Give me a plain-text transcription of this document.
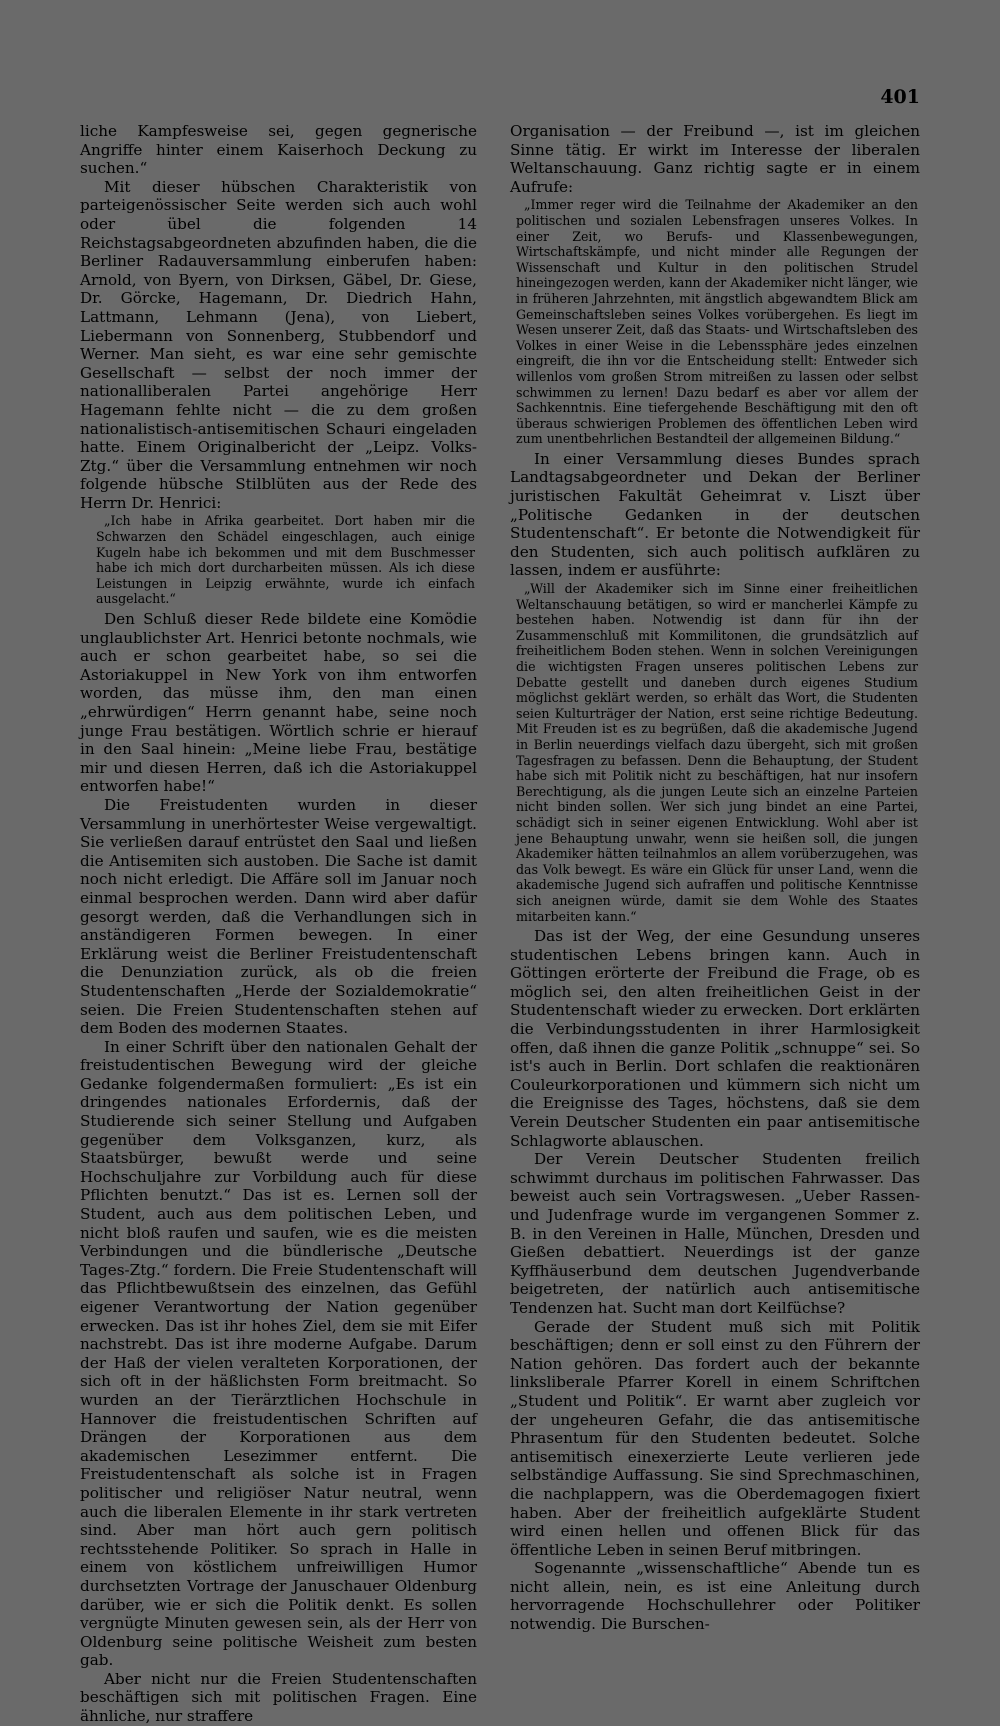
401

liche Kampfesweise sei, gegen gegnerische Angriffe hinter einem Kaiserhoch Deckung zu suchen.“

Mit dieser hübschen Charakteristik von parteigenössischer Seite werden sich auch wohl oder übel die folgenden 14 Reichstagsabgeordneten abzufinden haben, die die Berliner Radauversammlung einberufen haben: Arnold, von Byern, von Dirksen, Gäbel, Dr. Giese, Dr. Görcke, Hagemann, Dr. Diedrich Hahn, Lattmann, Lehmann (Jena), von Liebert, Liebermann von Sonnenberg, Stubbendorf und Werner. Man sieht, es war eine sehr gemischte Gesellschaft — selbst der noch immer der nationalliberalen Partei angehörige Herr Hagemann fehlte nicht — die zu dem großen nationalistisch-antisemitischen Schauri eingeladen hatte. Einem Originalbericht der „Leipz. Volks-Ztg.“ über die Versammlung entnehmen wir noch folgende hübsche Stilblüten aus der Rede des Herrn Dr. Henrici:

„Ich habe in Afrika gearbeitet. Dort haben mir die Schwarzen den Schädel eingeschlagen, auch einige Kugeln habe ich bekommen und mit dem Buschmesser habe ich mich dort durcharbeiten müssen. Als ich diese Leistungen in Leipzig erwähnte, wurde ich einfach ausgelacht.“

Den Schluß dieser Rede bildete eine Komödie unglaublichster Art. Henrici betonte nochmals, wie auch er schon gearbeitet habe, so sei die Astoriakuppel in New York von ihm entworfen worden, das müsse ihm, den man einen „ehrwürdigen“ Herrn genannt habe, seine noch junge Frau bestätigen. Wörtlich schrie er hierauf in den Saal hinein: „Meine liebe Frau, bestätige mir und diesen Herren, daß ich die Astoriakuppel entworfen habe!“

Die Freistudenten wurden in dieser Versammlung in unerhörtester Weise vergewaltigt. Sie verließen darauf entrüstet den Saal und ließen die Antisemiten sich austoben. Die Sache ist damit noch nicht erledigt. Die Affäre soll im Januar noch einmal besprochen werden. Dann wird aber dafür gesorgt werden, daß die Verhandlungen sich in anständigeren Formen bewegen. In einer Erklärung weist die Berliner Freistudentenschaft die Denunziation zurück, als ob die freien Studentenschaften „Herde der Sozialdemokratie“ seien. Die Freien Studentenschaften stehen auf dem Boden des modernen Staates.

In einer Schrift über den nationalen Gehalt der freistudentischen Bewegung wird der gleiche Gedanke folgendermaßen formuliert: „Es ist ein dringendes nationales Erfordernis, daß der Studierende sich seiner Stellung und Aufgaben gegenüber dem Volksganzen, kurz, als Staatsbürger, bewußt werde und seine Hochschuljahre zur Vorbildung auch für diese Pflichten benutzt.“ Das ist es. Lernen soll der Student, auch aus dem politischen Leben, und nicht bloß raufen und saufen, wie es die meisten Verbindungen und die bündlerische „Deutsche Tages-Ztg.“ fordern. Die Freie Studentenschaft will das Pflichtbewußtsein des einzelnen, das Gefühl eigener Verantwortung der Nation gegenüber erwecken. Das ist ihr hohes Ziel, dem sie mit Eifer nachstrebt. Das ist ihre moderne Aufgabe. Darum der Haß der vielen veralteten Korporationen, der sich oft in der häßlichsten Form breitmacht. So wurden an der Tierärztlichen Hochschule in Hannover die freistudentischen Schriften auf Drängen der Korporationen aus dem akademischen Lesezimmer entfernt. Die Freistudentenschaft als solche ist in Fragen politischer und religiöser Natur neutral, wenn auch die liberalen Elemente in ihr stark vertreten sind. Aber man hört auch gern politisch rechtsstehende Politiker. So sprach in Halle in einem von köstlichem unfreiwilligen Humor durchsetzten Vortrage der Januschauer Oldenburg darüber, wie er sich die Politik denkt. Es sollen vergnügte Minuten gewesen sein, als der Herr von Oldenburg seine politische Weisheit zum besten gab.

Aber nicht nur die Freien Studentenschaften beschäftigen sich mit politischen Fragen. Eine ähnliche, nur straffere

Organisation — der Freibund —, ist im gleichen Sinne tätig. Er wirkt im Interesse der liberalen Weltanschauung. Ganz richtig sagte er in einem Aufrufe:

„Immer reger wird die Teilnahme der Akademiker an den politischen und sozialen Lebensfragen unseres Volkes. In einer Zeit, wo Berufs- und Klassenbewegungen, Wirtschaftskämpfe, und nicht minder alle Regungen der Wissenschaft und Kultur in den politischen Strudel hineingezogen werden, kann der Akademiker nicht länger, wie in früheren Jahrzehnten, mit ängstlich abgewandtem Blick am Gemeinschaftsleben seines Volkes vorübergehen. Es liegt im Wesen unserer Zeit, daß das Staats- und Wirtschaftsleben des Volkes in einer Weise in die Lebenssphäre jedes einzelnen eingreift, die ihn vor die Entscheidung stellt: Entweder sich willenlos vom großen Strom mitreißen zu lassen oder selbst schwimmen zu lernen! Dazu bedarf es aber vor allem der Sachkenntnis. Eine tiefergehende Beschäftigung mit den oft überaus schwierigen Problemen des öffentlichen Leben wird zum unentbehrlichen Bestandteil der allgemeinen Bildung.“

In einer Versammlung dieses Bundes sprach Landtagsabgeordneter und Dekan der Berliner juristischen Fakultät Geheimrat v. Liszt über „Politische Gedanken in der deutschen Studentenschaft“. Er betonte die Notwendigkeit für den Studenten, sich auch politisch aufklären zu lassen, indem er ausführte:

„Will der Akademiker sich im Sinne einer freiheitlichen Weltanschauung betätigen, so wird er mancherlei Kämpfe zu bestehen haben. Notwendig ist dann für ihn der Zusammenschluß mit Kommilitonen, die grundsätzlich auf freiheitlichem Boden stehen. Wenn in solchen Vereinigungen die wichtigsten Fragen unseres politischen Lebens zur Debatte gestellt und daneben durch eigenes Studium möglichst geklärt werden, so erhält das Wort, die Studenten seien Kulturträger der Nation, erst seine richtige Bedeutung. Mit Freuden ist es zu begrüßen, daß die akademische Jugend in Berlin neuerdings vielfach dazu übergeht, sich mit großen Tagesfragen zu befassen. Denn die Behauptung, der Student habe sich mit Politik nicht zu beschäftigen, hat nur insofern Berechtigung, als die jungen Leute sich an einzelne Parteien nicht binden sollen. Wer sich jung bindet an eine Partei, schädigt sich in seiner eigenen Entwicklung. Wohl aber ist jene Behauptung unwahr, wenn sie heißen soll, die jungen Akademiker hätten teilnahmlos an allem vorüberzugehen, was das Volk bewegt. Es wäre ein Glück für unser Land, wenn die akademische Jugend sich aufraffen und politische Kenntnisse sich aneignen würde, damit sie dem Wohle des Staates mitarbeiten kann.“

Das ist der Weg, der eine Gesundung unseres studentischen Lebens bringen kann. Auch in Göttingen erörterte der Freibund die Frage, ob es möglich sei, den alten freiheitlichen Geist in der Studentenschaft wieder zu erwecken. Dort erklärten die Verbindungsstudenten in ihrer Harmlosigkeit offen, daß ihnen die ganze Politik „schnuppe“ sei. So ist's auch in Berlin. Dort schlafen die reaktionären Couleurkorporationen und kümmern sich nicht um die Ereignisse des Tages, höchstens, daß sie dem Verein Deutscher Studenten ein paar antisemitische Schlagworte ablauschen.

Der Verein Deutscher Studenten freilich schwimmt durchaus im politischen Fahrwasser. Das beweist auch sein Vortragswesen. „Ueber Rassen- und Judenfrage wurde im vergangenen Sommer z. B. in den Vereinen in Halle, München, Dresden und Gießen debattiert. Neuerdings ist der ganze Kyffhäuserbund dem deutschen Jugendverbande beigetreten, der natürlich auch antisemitische Tendenzen hat. Sucht man dort Keilfüchse?

Gerade der Student muß sich mit Politik beschäftigen; denn er soll einst zu den Führern der Nation gehören. Das fordert auch der bekannte linksliberale Pfarrer Korell in einem Schriftchen „Student und Politik“. Er warnt aber zugleich vor der ungeheuren Gefahr, die das antisemitische Phrasentum für den Studenten bedeutet. Solche antisemitisch einexerzierte Leute verlieren jede selbständige Auffassung. Sie sind Sprechmaschinen, die nachplappern, was die Oberdemagogen fixiert haben. Aber der freiheitlich aufgeklärte Student wird einen hellen und offenen Blick für das öffentliche Leben in seinen Beruf mitbringen.

Sogenannte „wissenschaftliche“ Abende tun es nicht allein, nein, es ist eine Anleitung durch hervorragende Hochschullehrer oder Politiker notwendig. Die Burschen-
